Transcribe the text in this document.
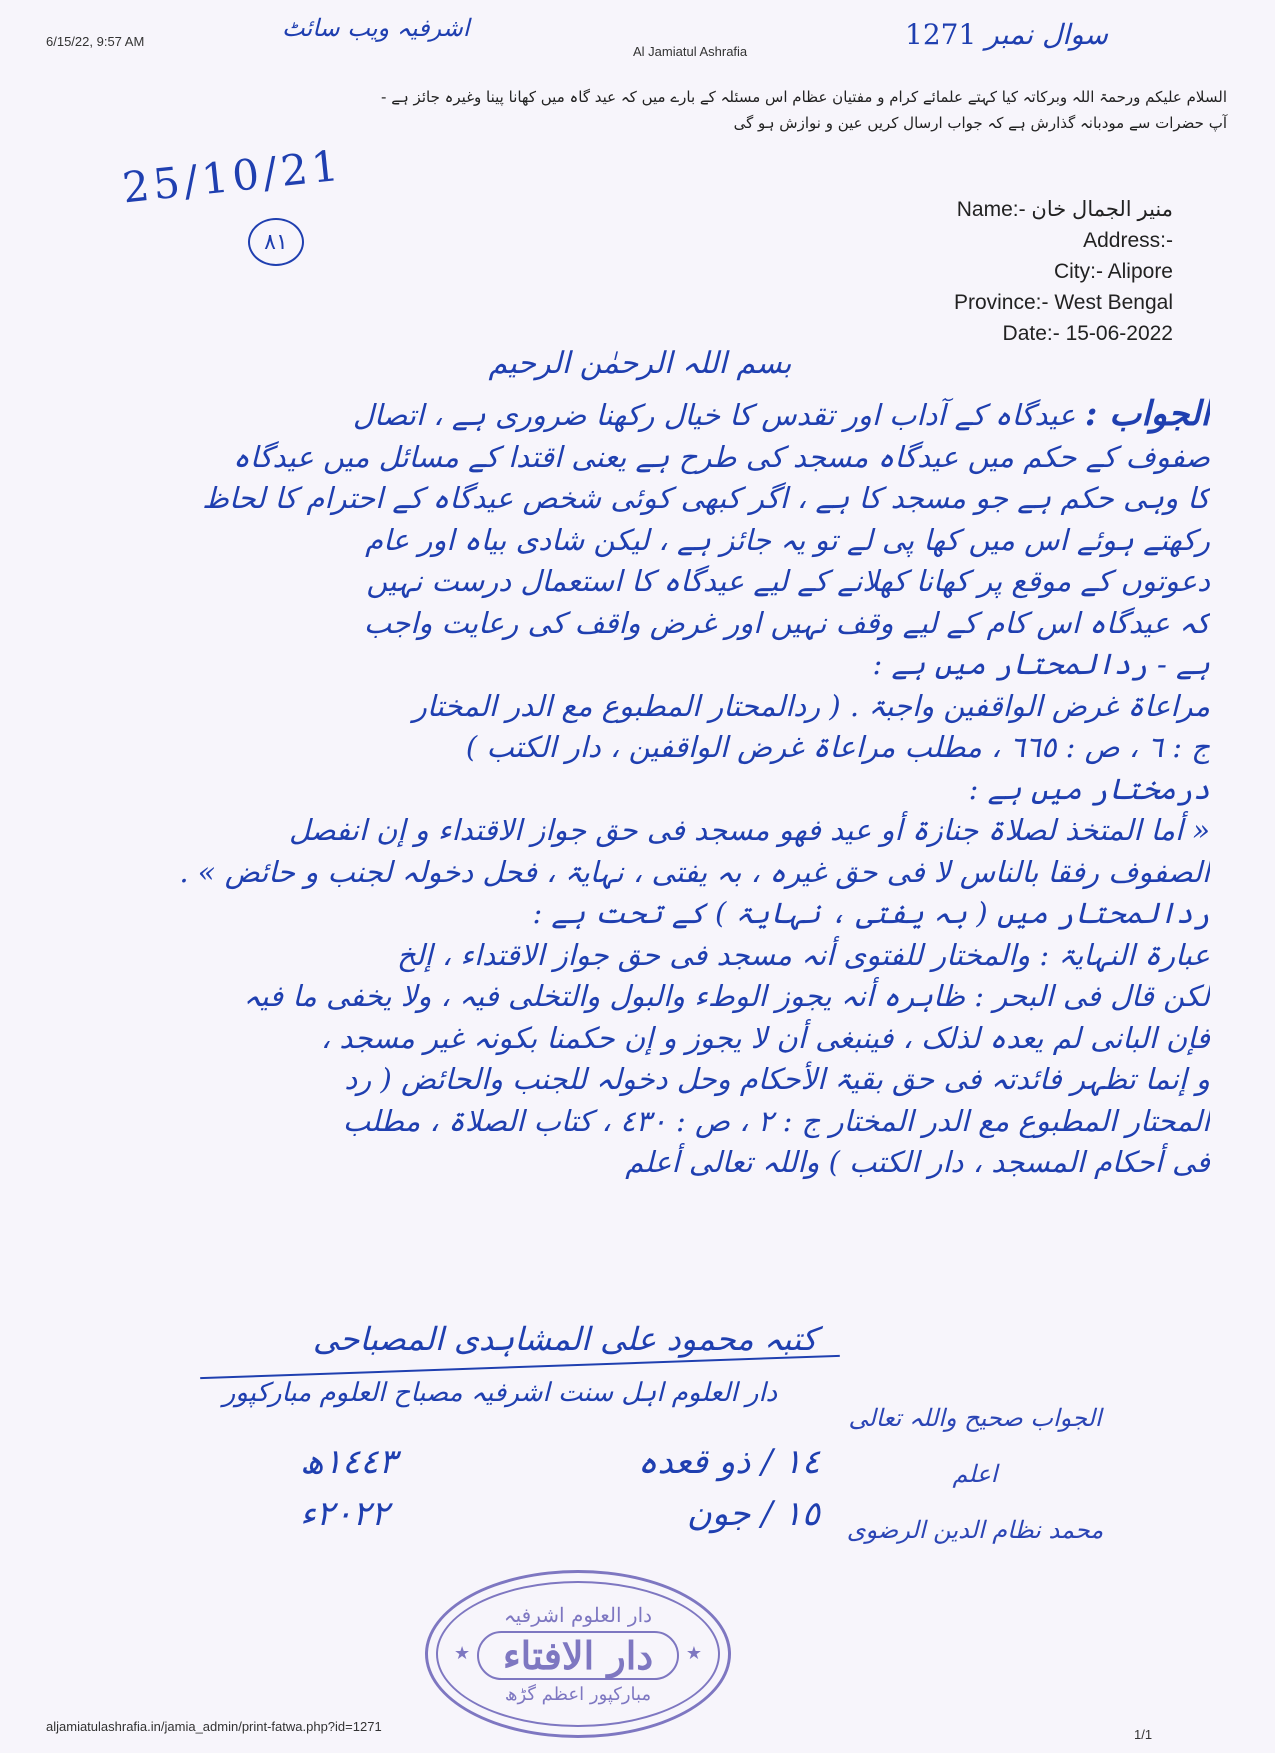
6/15/22, 9:57 AM
Al Jamiatul Ashrafia
اشرفیہ ویب سائٹ	سوال نمبر 1271
السلام علیکم ورحمۃ اللہ وبرکاتہ کیا کہتے علمائے کرام و مفتیان عظام اس مسئلہ کے بارے میں کہ عید گاہ میں کھانا پینا وغیرہ جائز ہے -
آپ حضرات سے مودبانہ گذارش ہے کہ جواب ارسال کریں عین و نوازش ہو گی
25/10/21
٨١
Name:- منیر الجمال خان
Address:-
City:- Alipore
Province:- West Bengal
Date:- 15-06-2022
بسم اللہ الرحمٰن الرحیم
الجواب : عیدگاہ کے آداب اور تقدس کا خیال رکھنا ضروری ہے ، اتصال
صفوف کے حکم میں عیدگاہ مسجد کی طرح ہے یعنی اقتدا کے مسائل میں عیدگاہ
کا وہی حکم ہے جو مسجد کا ہے ، اگر کبھی کوئی شخص عیدگاہ کے احترام کا لحاظ
رکھتے ہوئے اس میں کھا پی لے تو یہ جائز ہے ، لیکن شادی بیاہ اور عام
دعوتوں کے موقع پر کھانا کھلانے کے لیے عیدگاہ کا استعمال درست نہیں
کہ عیدگاہ اس کام کے لیے وقف نہیں اور غرض واقف کی رعایت واجب
ہے - ردالمحتار میں ہے :
مراعاۃ غرض الواقفین واجبۃ . ( ردالمحتار المطبوع مع الدر المختار
ج : ٦ ، ص : ٦٦٥ ، مطلب مراعاۃ غرض الواقفین ، دار الکتب )
درمختار میں ہے :
« أما المتخذ لصلاۃ جنازۃ أو عید فهو مسجد فی حق جواز الاقتداء و إن انفصل
الصفوف رفقا بالناس لا فی حق غیرہ ، بہ یفتی ، نہایۃ ، فحل دخولہ لجنب و حائض » .
ردالمحتار میں ( بہ یفتی ، نہایۃ ) کے تحت ہے :
عبارۃ النہایۃ : والمختار للفتوی أنہ مسجد فی حق جواز الاقتداء ، إلخ
لکن قال فی البحر : ظاہرہ أنہ یجوز الوطء والبول والتخلی فیہ ، ولا یخفی ما فیہ
فإن البانی لم یعدہ لذلک ، فینبغی أن لا یجوز و إن حکمنا بکونہ غیر مسجد ،
و إنما تظہر فائدتہ فی حق بقیۃ الأحکام وحل دخولہ للجنب والحائض ( رد
المحتار المطبوع مع الدر المختار ج : ٢ ، ص : ٤٣٠ ، کتاب الصلاۃ ، مطلب
فی أحکام المسجد ، دار الکتب ) واللہ تعالی أعلم
کتبہ محمود علی المشاہدی المصباحی
دار العلوم اہل سنت اشرفیہ مصباح العلوم مبارکپور
الجواب صحیح واللہ تعالی اعلم
محمد نظام الدین الرضوی
١٤ / ذو قعدہ
١٤٤٣ھ
١٥ / جون
٢٠٢٢ء
★	★
دار العلوم اشرفیہ
دار الافتاء
مبارکپور اعظم گڑھ
aljamiatulashrafia.in/jamia_admin/print-fatwa.php?id=1271
1/1
